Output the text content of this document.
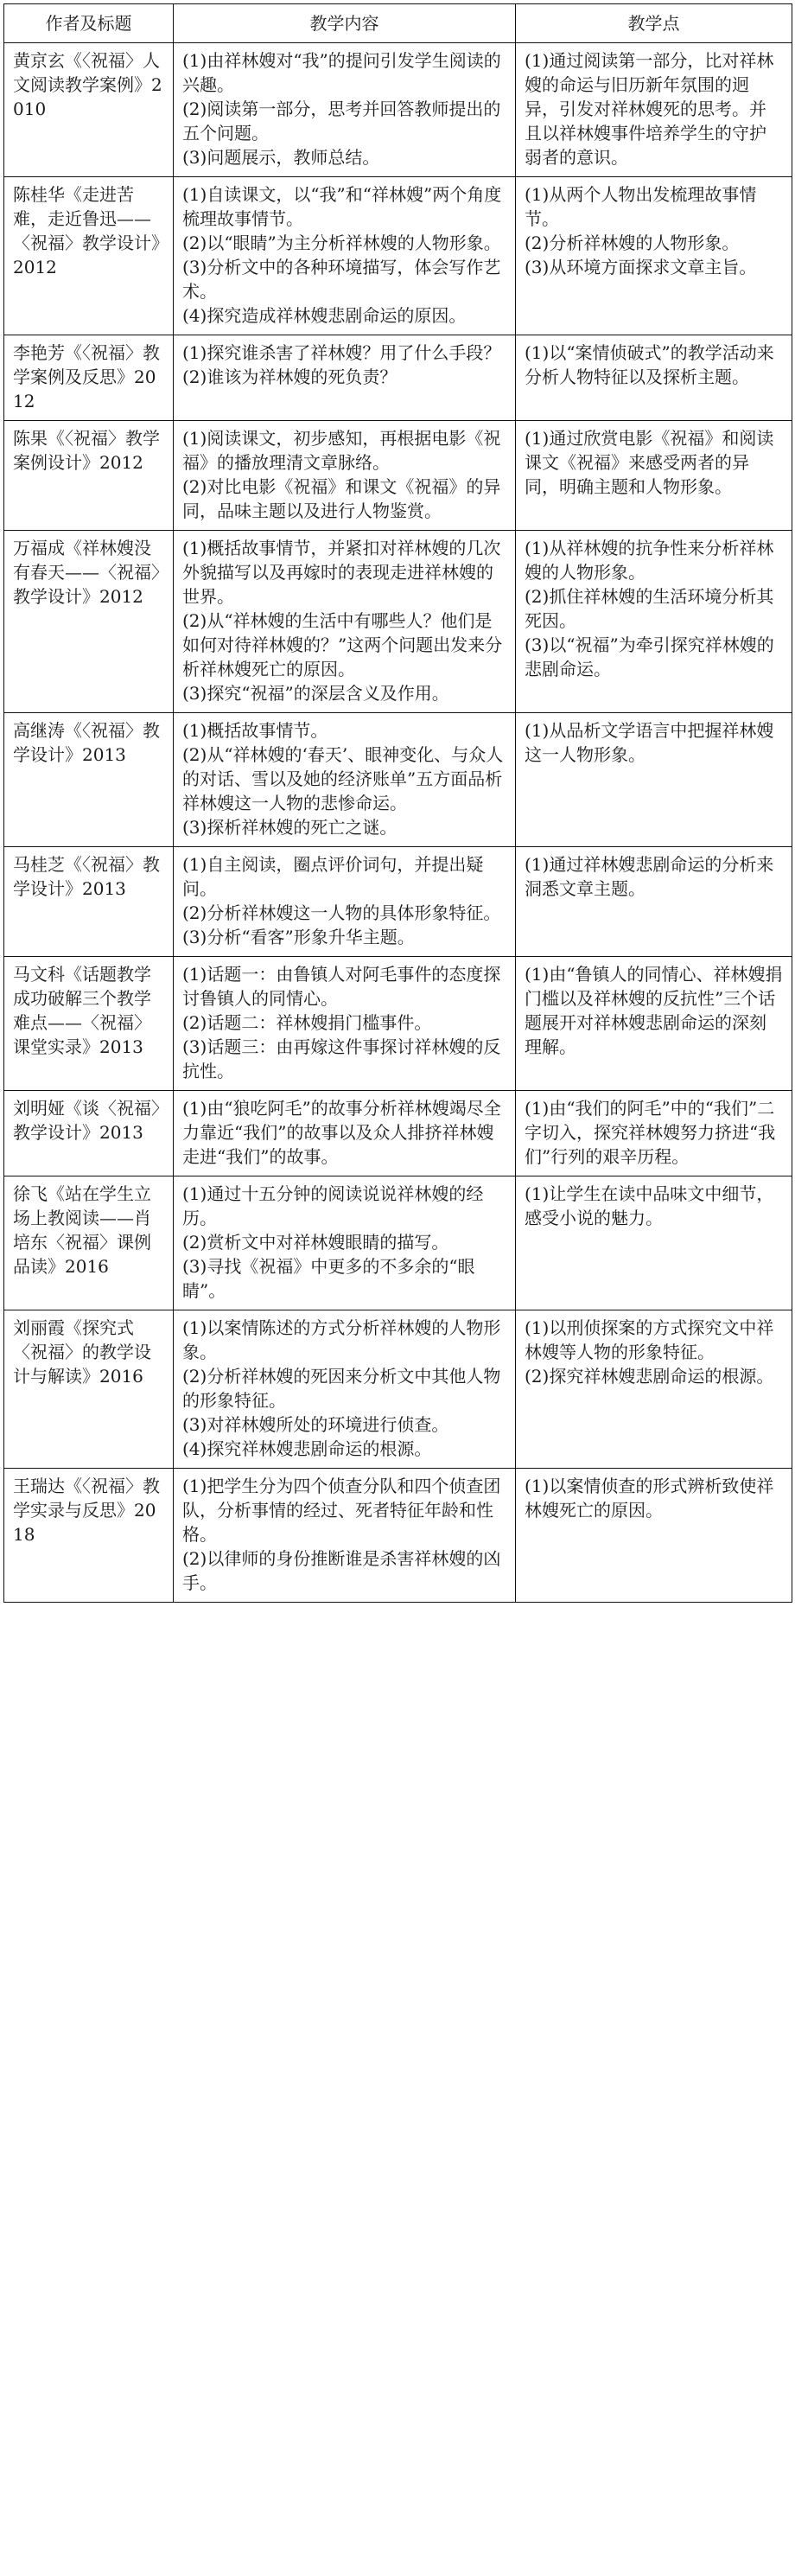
作者及标题	教学内容	教学点
黄京玄《〈祝福〉人文阅读教学案例》2010	(1)由祥林嫂对“我”的提问引发学生阅读的兴趣。
(2)阅读第一部分，思考并回答教师提出的五个问题。
(3)问题展示，教师总结。	(1)通过阅读第一部分，比对祥林嫂的命运与旧历新年氛围的迥异，引发对祥林嫂死的思考。并且以祥林嫂事件培养学生的守护弱者的意识。

陈桂华《走进苦难，走近鲁迅——〈祝福〉教学设计》2012	(1)自读课文，以“我”和“祥林嫂”两个角度梳理故事情节。
(2)以“眼睛”为主分析祥林嫂的人物形象。
(3)分析文中的各种环境描写，体会写作艺术。
(4)探究造成祥林嫂悲剧命运的原因。	(1)从两个人物出发梳理故事情节。
(2)分析祥林嫂的人物形象。
(3)从环境方面探求文章主旨。

李艳芳《〈祝福〉教学案例及反思》2012	(1)探究谁杀害了祥林嫂？用了什么手段？
(2)谁该为祥林嫂的死负责？	(1)以“案情侦破式”的教学活动来分析人物特征以及探析主题。

陈果《〈祝福〉教学案例设计》2012	(1)阅读课文，初步感知，再根据电影《祝福》的播放理清文章脉络。
(2)对比电影《祝福》和课文《祝福》的异同，品味主题以及进行人物鉴赏。	(1)通过欣赏电影《祝福》和阅读课文《祝福》来感受两者的异同，明确主题和人物形象。

万福成《祥林嫂没有春天——〈祝福〉教学设计》2012	(1)概括故事情节，并紧扣对祥林嫂的几次外貌描写以及再嫁时的表现走进祥林嫂的世界。
(2)从“祥林嫂的生活中有哪些人？他们是如何对待祥林嫂的？”这两个问题出发来分析祥林嫂死亡的原因。
(3)探究“祝福”的深层含义及作用。	(1)从祥林嫂的抗争性来分析祥林嫂的人物形象。
(2)抓住祥林嫂的生活环境分析其死因。
(3)以“祝福”为牵引探究祥林嫂的悲剧命运。

高继涛《〈祝福〉教学设计》2013	(1)概括故事情节。
(2)从“祥林嫂的‘春天’、眼神变化、与众人的对话、雪以及她的经济账单”五方面品析祥林嫂这一人物的悲惨命运。
(3)探析祥林嫂的死亡之谜。	(1)从品析文学语言中把握祥林嫂这一人物形象。

马桂芝《〈祝福〉教学设计》2013	(1)自主阅读，圈点评价词句，并提出疑问。
(2)分析祥林嫂这一人物的具体形象特征。
(3)分析“看客”形象升华主题。	(1)通过祥林嫂悲剧命运的分析来洞悉文章主题。

马文科《话题教学成功破解三个教学难点——〈祝福〉课堂实录》2013	(1)话题一：由鲁镇人对阿毛事件的态度探讨鲁镇人的同情心。
(2)话题二：祥林嫂捐门槛事件。
(3)话题三：由再嫁这件事探讨祥林嫂的反抗性。	(1)由“鲁镇人的同情心、祥林嫂捐门槛以及祥林嫂的反抗性”三个话题展开对祥林嫂悲剧命运的深刻理解。

刘明娅《谈〈祝福〉教学设计》2013	(1)由“狼吃阿毛”的故事分析祥林嫂竭尽全力靠近“我们”的故事以及众人排挤祥林嫂走进“我们”的故事。	(1)由“我们的阿毛”中的“我们”二字切入，探究祥林嫂努力挤进“我们”行列的艰辛历程。

徐飞《站在学生立场上教阅读——肖培东〈祝福〉课例品读》2016	(1)通过十五分钟的阅读说说祥林嫂的经历。
(2)赏析文中对祥林嫂眼睛的描写。
(3)寻找《祝福》中更多的不多余的“眼睛”。	(1)让学生在读中品味文中细节，感受小说的魅力。

刘丽霞《探究式〈祝福〉的教学设计与解读》2016	(1)以案情陈述的方式分析祥林嫂的人物形象。
(2)分析祥林嫂的死因来分析文中其他人物的形象特征。
(3)对祥林嫂所处的环境进行侦查。
(4)探究祥林嫂悲剧命运的根源。	(1)以刑侦探案的方式探究文中祥林嫂等人物的形象特征。
(2)探究祥林嫂悲剧命运的根源。

王瑞达《〈祝福〉教学实录与反思》2018	(1)把学生分为四个侦查分队和四个侦查团队，分析事情的经过、死者特征年龄和性格。
(2)以律师的身份推断谁是杀害祥林嫂的凶手。	(1)以案情侦查的形式辨析致使祥林嫂死亡的原因。
